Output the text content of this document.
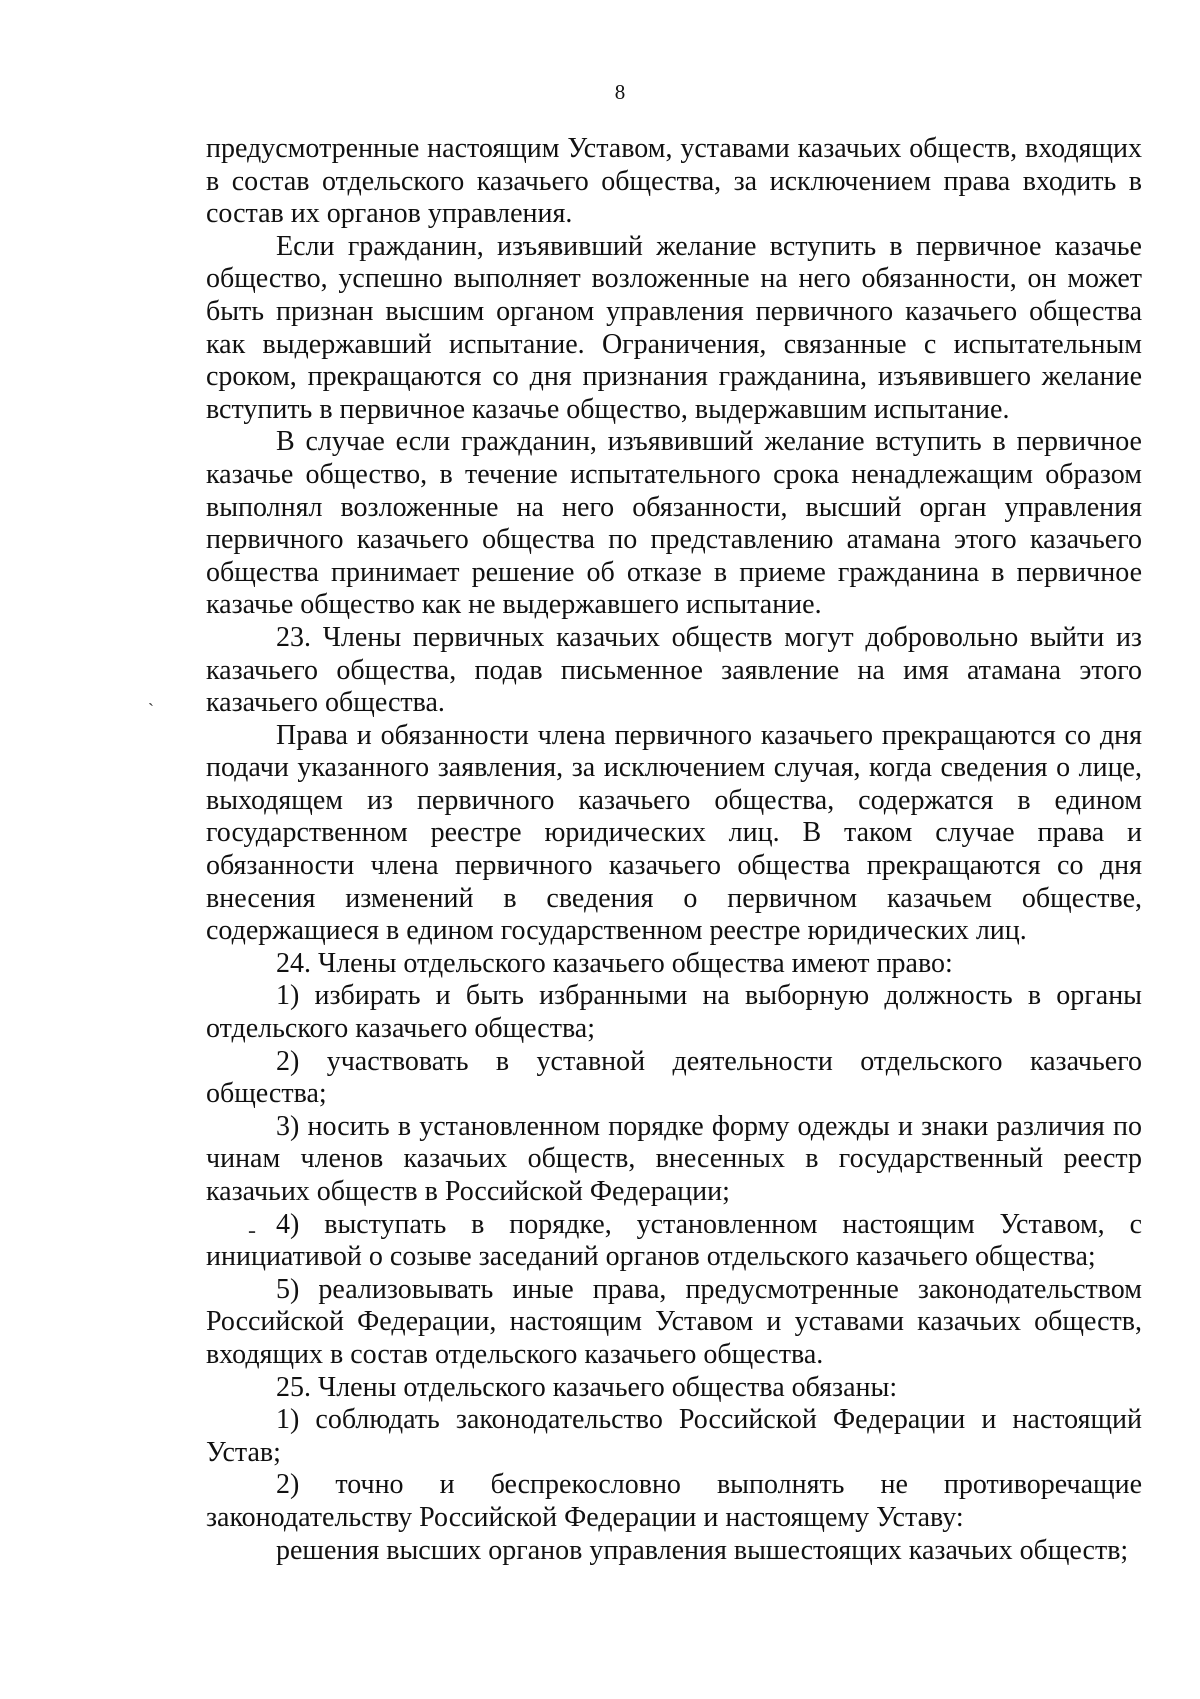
8
ˋ
-

предусмотренные настоящим Уставом, уставами казачьих обществ, входящих в состав отдельского казачьего общества, за исключением права входить в состав их органов управления.

Если гражданин, изъявивший желание вступить в первичное казачье общество, успешно выполняет возложенные на него обязанности, он может быть признан высшим органом управления первичного казачьего общества как выдержавший испытание. Ограничения, связанные с испытательным сроком, прекращаются со дня признания гражданина, изъявившего желание вступить в первичное казачье общество, выдержавшим испытание.

В случае если гражданин, изъявивший желание вступить в первичное казачье общество, в течение испытательного срока ненадлежащим образом выполнял возложенные на него обязанности, высший орган управления первичного казачьего общества по представлению атамана этого казачьего общества принимает решение об отказе в приеме гражданина в первичное казачье общество как не выдержавшего испытание.

23. Члены первичных казачьих обществ могут добровольно выйти из казачьего общества, подав письменное заявление на имя атамана этого казачьего общества.

Права и обязанности члена первичного казачьего прекращаются со дня подачи указанного заявления, за исключением случая, когда сведения о лице, выходящем из первичного казачьего общества, содержатся в едином государственном реестре юридических лиц. В таком случае права и обязанности члена первичного казачьего общества прекращаются со дня внесения изменений в сведения о первичном казачьем обществе, содержащиеся в едином государственном реестре юридических лиц.

24. Члены отдельского казачьего общества имеют право:

1) избирать и быть избранными на выборную должность в органы отдельского казачьего общества;

2) участвовать в уставной деятельности отдельского казачьего общества;

3) носить в установленном порядке форму одежды и знаки различия по чинам членов казачьих обществ, внесенных в государственный реестр казачьих обществ в Российской Федерации;

4) выступать в порядке, установленном настоящим Уставом, с инициативой о созыве заседаний органов отдельского казачьего общества;

5) реализовывать иные права, предусмотренные законодательством Российской Федерации, настоящим Уставом и уставами казачьих обществ, входящих в состав отдельского казачьего общества.

25. Члены отдельского казачьего общества обязаны:

1) соблюдать законодательство Российской Федерации и настоящий Устав;

2) точно и беспрекословно выполнять не противоречащие законодательству Российской Федерации и настоящему Уставу:

решения высших органов управления вышестоящих казачьих обществ;
